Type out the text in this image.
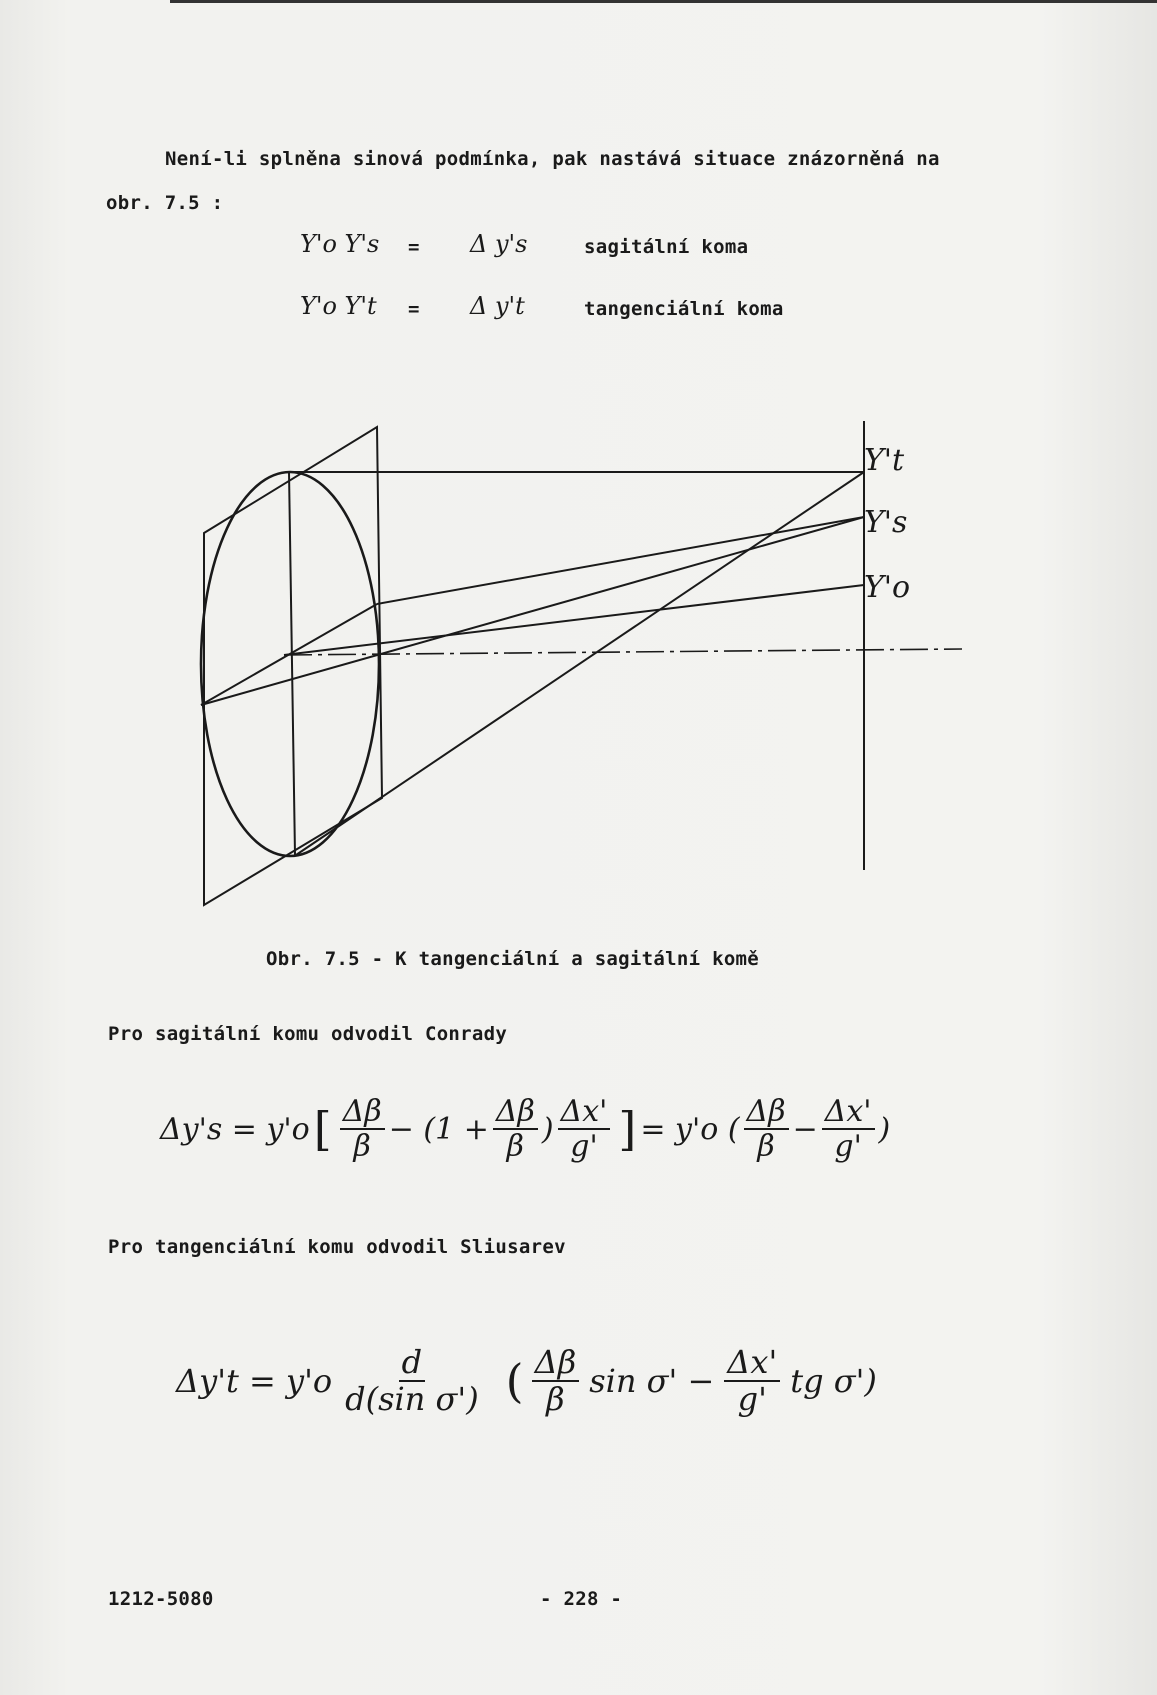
Není-li splněna sinová podmínka, pak nastává situace znázorněná na

obr. 7.5 :

Y'o Y's = Δ y's	sagitální koma
Y'o Y't = Δ y't	tangenciální koma
Y't
Y's
Y'o

Obr. 7.5 - K tangenciální a sagitální komě

Pro sagitální komu odvodil Conrady

Δy's = y'o [ $\frac{\Delta\beta}{\beta} - (1 + \frac{\Delta\beta}{\beta}$ ) $\frac{\Delta x'}{g'}$ ] = y'o ( $\frac{\Delta\beta}{\beta} - \frac{\Delta x'}{g'}$ )

Pro tangenciální komu odvodil Sliusarev

$\Delta y't = y'o \frac{d}{\text{d(sin σ')}}$ ( $\frac{\Delta\beta}{\beta}$ $\sin \sigma' - \frac{\Delta x'}{g'}$ tg σ')

1212-5080	- 228 -
